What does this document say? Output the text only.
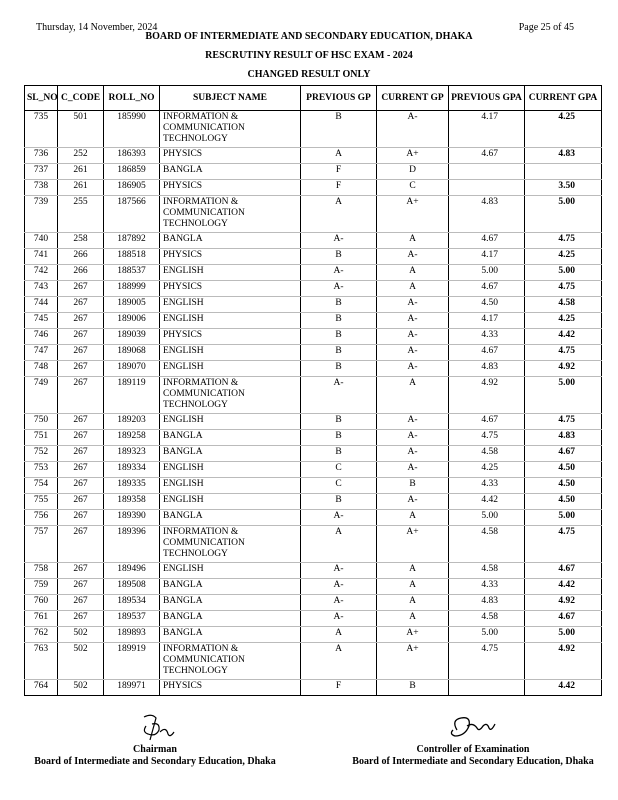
Thursday, 14 November, 2024	Page 25 of 45
BOARD OF INTERMEDIATE AND SECONDARY EDUCATION, DHAKA
RESCRUTINY RESULT OF HSC EXAM - 2024
CHANGED RESULT ONLY
SL_NO	C_CODE	ROLL_NO	SUBJECT NAME	PREVIOUS GP	CURRENT GP	PREVIOUS GPA	CURRENT GPA
735	501	185990	INFORMATION & COMMUNICATION TECHNOLOGY	B	A-	4.17	4.25
736	252	186393	PHYSICS	A	A+	4.67	4.83
737	261	186859	BANGLA	F	D		
738	261	186905	PHYSICS	F	C		3.50
739	255	187566	INFORMATION & COMMUNICATION TECHNOLOGY	A	A+	4.83	5.00
740	258	187892	BANGLA	A-	A	4.67	4.75
741	266	188518	PHYSICS	B	A-	4.17	4.25
742	266	188537	ENGLISH	A-	A	5.00	5.00
743	267	188999	PHYSICS	A-	A	4.67	4.75
744	267	189005	ENGLISH	B	A-	4.50	4.58
745	267	189006	ENGLISH	B	A-	4.17	4.25
746	267	189039	PHYSICS	B	A-	4.33	4.42
747	267	189068	ENGLISH	B	A-	4.67	4.75
748	267	189070	ENGLISH	B	A-	4.83	4.92
749	267	189119	INFORMATION & COMMUNICATION TECHNOLOGY	A-	A	4.92	5.00
750	267	189203	ENGLISH	B	A-	4.67	4.75
751	267	189258	BANGLA	B	A-	4.75	4.83
752	267	189323	BANGLA	B	A-	4.58	4.67
753	267	189334	ENGLISH	C	A-	4.25	4.50
754	267	189335	ENGLISH	C	B	4.33	4.50
755	267	189358	ENGLISH	B	A-	4.42	4.50
756	267	189390	BANGLA	A-	A	5.00	5.00
757	267	189396	INFORMATION & COMMUNICATION TECHNOLOGY	A	A+	4.58	4.75
758	267	189496	ENGLISH	A-	A	4.58	4.67
759	267	189508	BANGLA	A-	A	4.33	4.42
760	267	189534	BANGLA	A-	A	4.83	4.92
761	267	189537	BANGLA	A-	A	4.58	4.67
762	502	189893	BANGLA	A	A+	5.00	5.00
763	502	189919	INFORMATION & COMMUNICATION TECHNOLOGY	A	A+	4.75	4.92
764	502	189971	PHYSICS	F	B		4.42
Chairman
Board of Intermediate and Secondary Education, Dhaka
Controller of Examination
Board of Intermediate and Secondary Education, Dhaka
